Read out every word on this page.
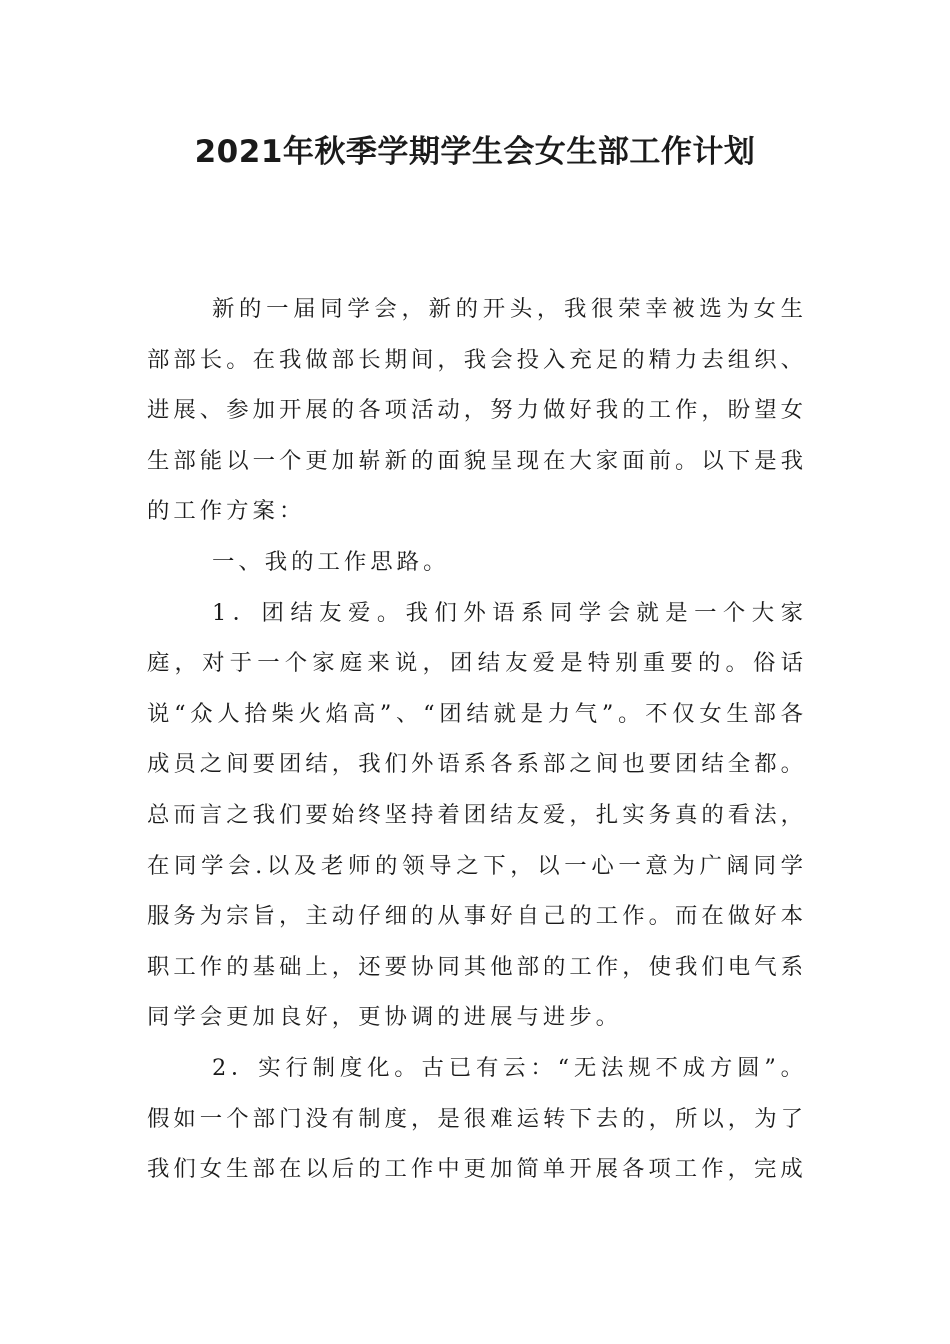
2021年秋季学期学生会女生部工作计划

新的一届同学会，新的开头，我很荣幸被选为女生部部长。在我做部长期间，我会投入充足的精力去组织、进展、参加开展的各项活动，努力做好我的工作，盼望女生部能以一个更加崭新的面貌呈现在大家面前。以下是我的工作方案：

一、我的工作思路。

1．团结友爱。我们外语系同学会就是一个大家庭，对于一个家庭来说，团结友爱是特别重要的。俗话说“众人拾柴火焰高”、“团结就是力气”。不仅女生部各成员之间要团结，我们外语系各系部之间也要团结全都。总而言之我们要始终坚持着团结友爱，扎实务真的看法，在同学会.以及老师的领导之下，以一心一意为广阔同学服务为宗旨，主动仔细的从事好自己的工作。而在做好本职工作的基础上，还要协同其他部的工作，使我们电气系同学会更加良好，更协调的进展与进步。

2．实行制度化。古已有云：“无法规不成方圆”。假如一个部门没有制度，是很难运转下去的，所以，为了我们女生部在以后的工作中更加简单开展各项工作，完成
